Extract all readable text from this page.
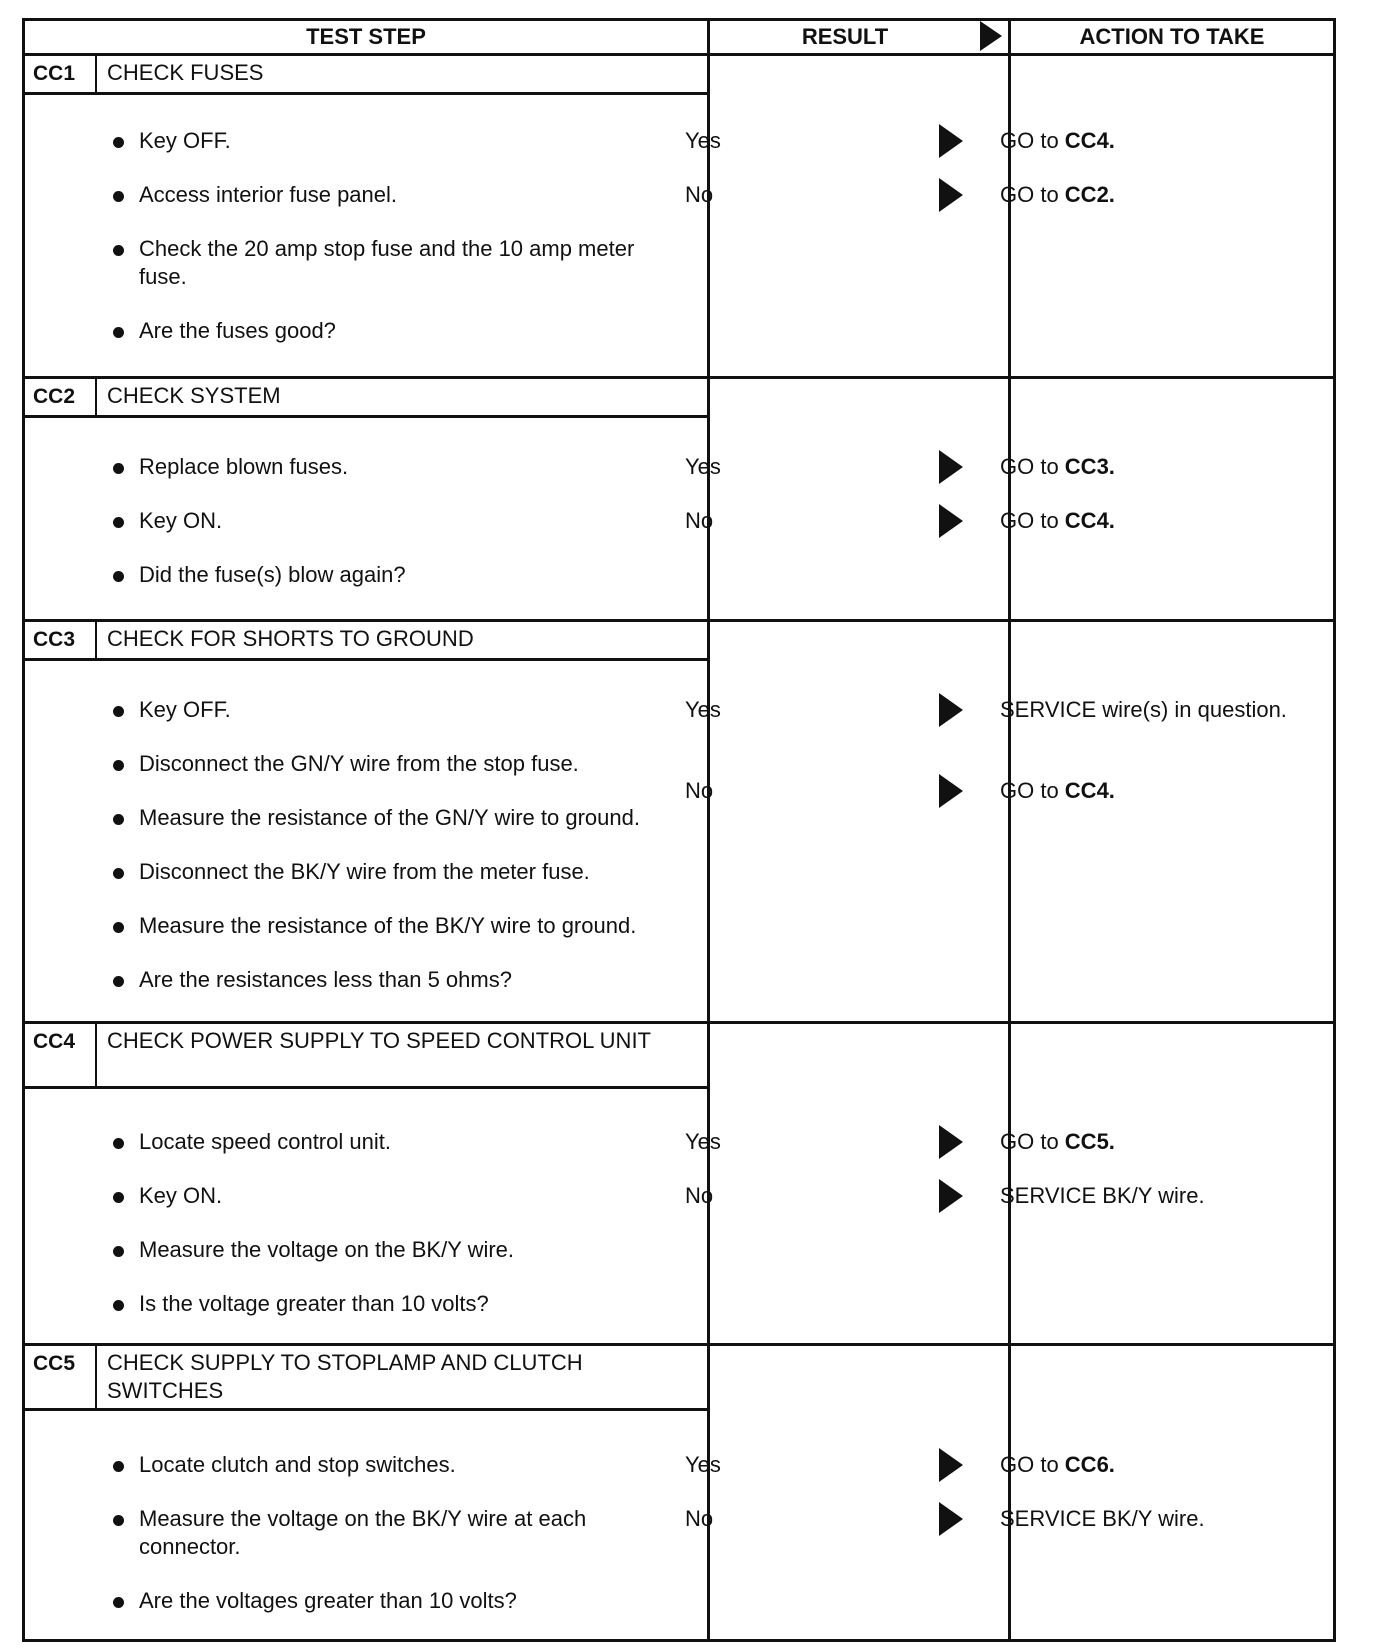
TEST STEP	RESULT	ACTION TO TAKE
CC1 CHECK FUSES
Key OFF.
Access interior fuse panel.
Check the 20 amp stop fuse and the 10 amp meter fuse.
Are the fuses good?
Yes	GO to CC4.
No	GO to CC2.
CC2 CHECK SYSTEM
Replace blown fuses.
Key ON.
Did the fuse(s) blow again?
Yes	GO to CC3.
No	GO to CC4.
CC3 CHECK FOR SHORTS TO GROUND
Key OFF.
Disconnect the GN/Y wire from the stop fuse.
Measure the resistance of the GN/Y wire to ground.
Disconnect the BK/Y wire from the meter fuse.
Measure the resistance of the BK/Y wire to ground.
Are the resistances less than 5 ohms?
Yes	SERVICE wire(s) in question.
No	GO to CC4.
CC4 CHECK POWER SUPPLY TO SPEED CONTROL UNIT
Locate speed control unit.
Key ON.
Measure the voltage on the BK/Y wire.
Is the voltage greater than 10 volts?
Yes	GO to CC5.
No	SERVICE BK/Y wire.
CC5 CHECK SUPPLY TO STOPLAMP AND CLUTCH SWITCHES
Locate clutch and stop switches.
Measure the voltage on the BK/Y wire at each connector.
Are the voltages greater than 10 volts?
Yes	GO to CC6.
No	SERVICE BK/Y wire.
